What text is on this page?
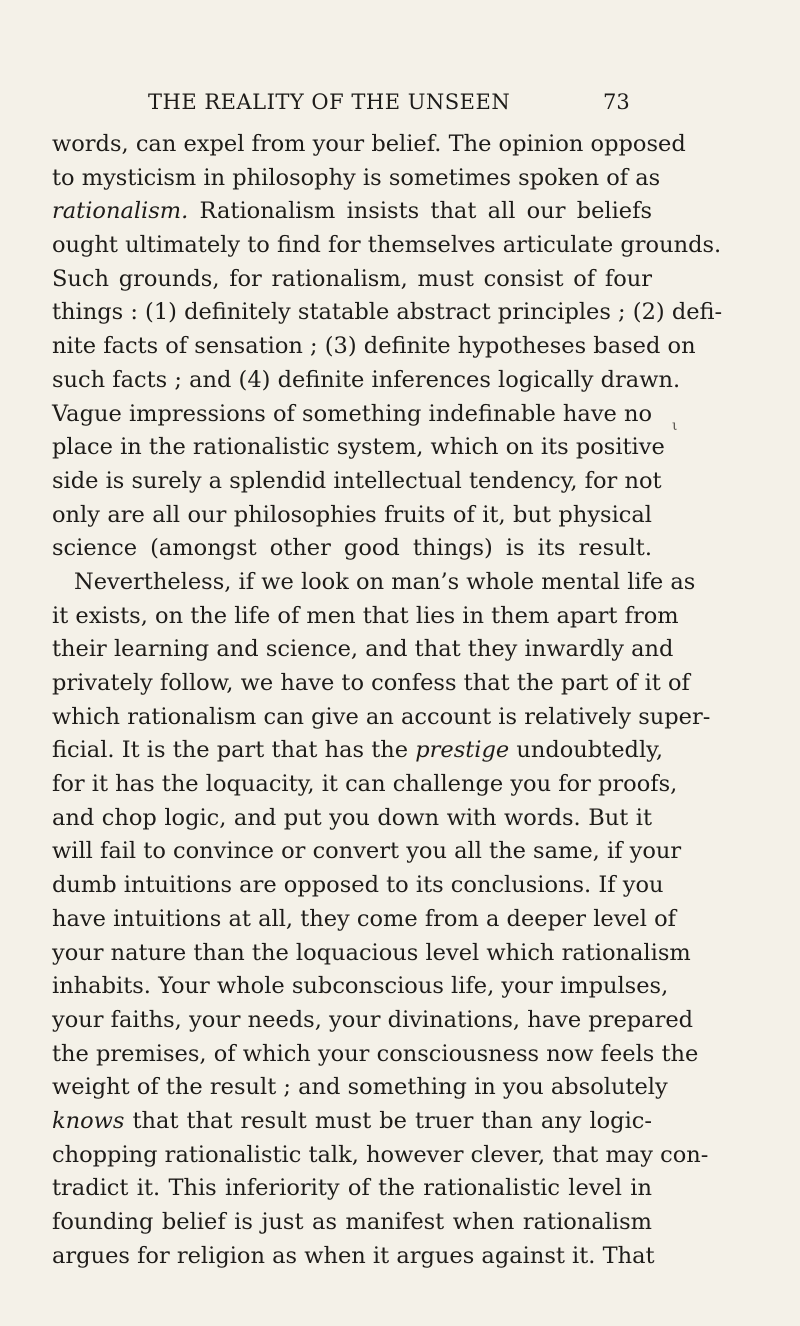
THE REALITY OF THE UNSEEN	73
ι
words, can expel from your belief. The opinion opposed
to mysticism in philosophy is sometimes spoken of as
rationalism. Rationalism insists that all our beliefs
ought ultimately to find for themselves articulate grounds.
Such grounds, for rationalism, must consist of four
things : (1) definitely statable abstract principles ; (2) defi-
nite facts of sensation ; (3) definite hypotheses based on
such facts ; and (4) definite inferences logically drawn.
Vague impressions of something indefinable have no
place in the rationalistic system, which on its positive
side is surely a splendid intellectual tendency, for not
only are all our philosophies fruits of it, but physical
science (amongst other good things) is its result.
Nevertheless, if we look on man’s whole mental life as
it exists, on the life of men that lies in them apart from
their learning and science, and that they inwardly and
privately follow, we have to confess that the part of it of
which rationalism can give an account is relatively super-
ficial. It is the part that has the prestige undoubtedly,
for it has the loquacity, it can challenge you for proofs,
and chop logic, and put you down with words. But it
will fail to convince or convert you all the same, if your
dumb intuitions are opposed to its conclusions. If you
have intuitions at all, they come from a deeper level of
your nature than the loquacious level which rationalism
inhabits. Your whole subconscious life, your impulses,
your faiths, your needs, your divinations, have prepared
the premises, of which your consciousness now feels the
weight of the result ; and something in you absolutely
knows that that result must be truer than any logic-
chopping rationalistic talk, however clever, that may con-
tradict it. This inferiority of the rationalistic level in
founding belief is just as manifest when rationalism
argues for religion as when it argues against it. That
